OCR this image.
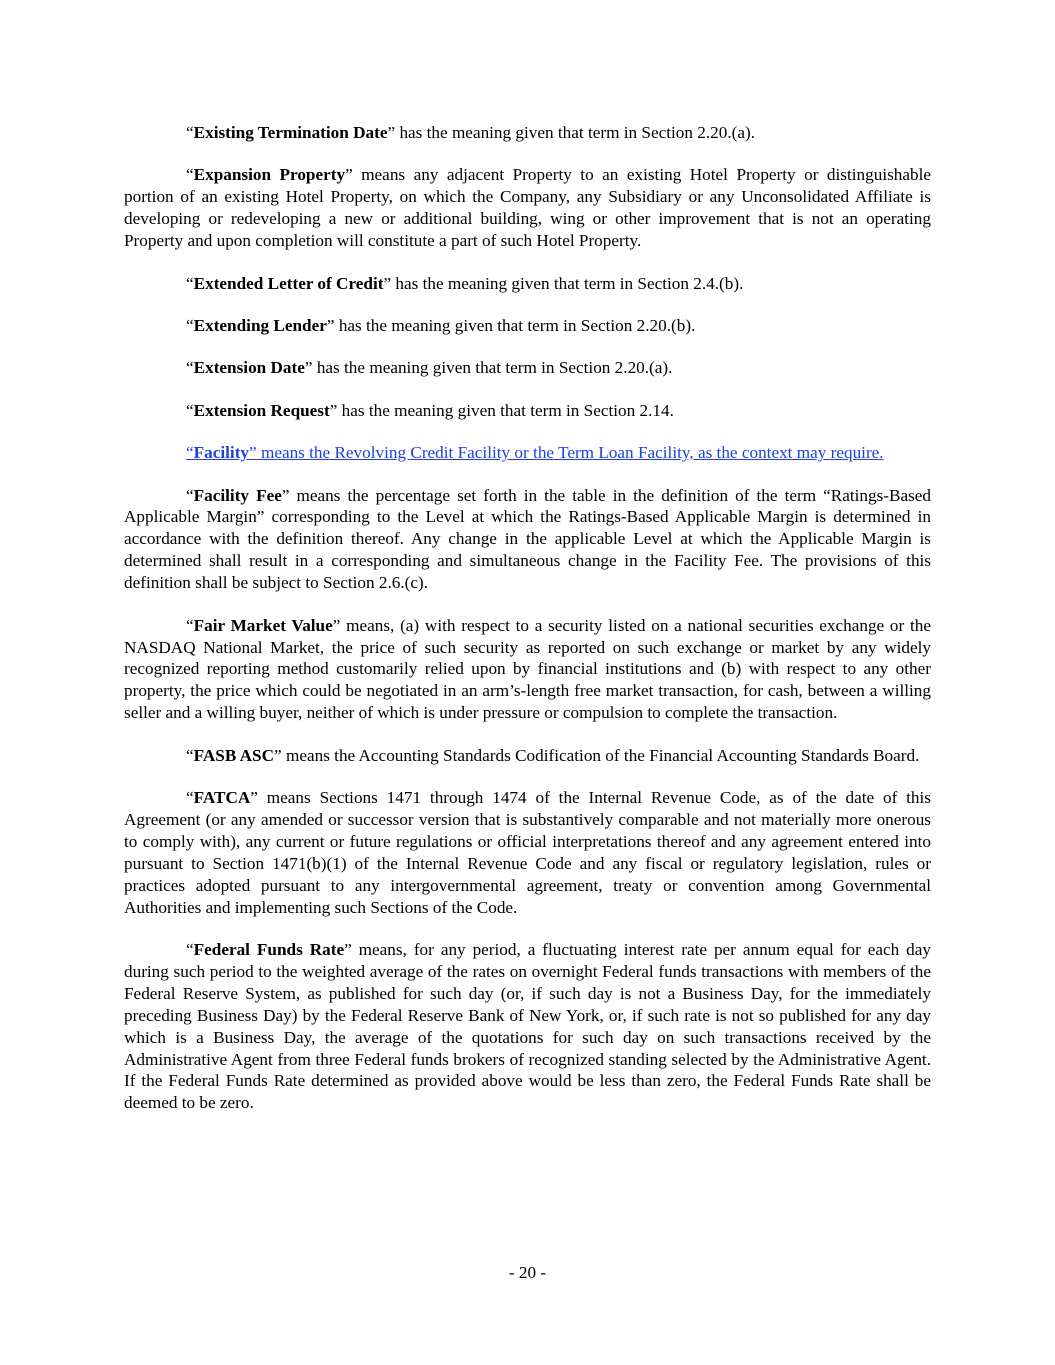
“Existing Termination Date” has the meaning given that term in Section 2.20.(a).

“Expansion Property” means any adjacent Property to an existing Hotel Property or distinguishable portion of an existing Hotel Property, on which the Company, any Subsidiary or any Unconsolidated Affiliate is developing or redeveloping a new or additional building, wing or other improvement that is not an operating Property and upon completion will constitute a part of such Hotel Property.

“Extended Letter of Credit” has the meaning given that term in Section 2.4.(b).

“Extending Lender” has the meaning given that term in Section 2.20.(b).

“Extension Date” has the meaning given that term in Section 2.20.(a).

“Extension Request” has the meaning given that term in Section 2.14.

“Facility” means the Revolving Credit Facility or the Term Loan Facility, as the context may require.

“Facility Fee” means the percentage set forth in the table in the definition of the term “Ratings-Based Applicable Margin” corresponding to the Level at which the Ratings-Based Applicable Margin is determined in accordance with the definition thereof. Any change in the applicable Level at which the Applicable Margin is determined shall result in a corresponding and simultaneous change in the Facility Fee. The provisions of this definition shall be subject to Section 2.6.(c).

“Fair Market Value” means, (a) with respect to a security listed on a national securities exchange or the NASDAQ National Market, the price of such security as reported on such exchange or market by any widely recognized reporting method customarily relied upon by financial institutions and (b) with respect to any other property, the price which could be negotiated in an arm’s-length free market transaction, for cash, between a willing seller and a willing buyer, neither of which is under pressure or compulsion to complete the transaction.

“FASB ASC” means the Accounting Standards Codification of the Financial Accounting Standards Board.

“FATCA” means Sections 1471 through 1474 of the Internal Revenue Code, as of the date of this Agreement (or any amended or successor version that is substantively comparable and not materially more onerous to comply with), any current or future regulations or official interpretations thereof and any agreement entered into pursuant to Section 1471(b)(1) of the Internal Revenue Code and any fiscal or regulatory legislation, rules or practices adopted pursuant to any intergovernmental agreement, treaty or convention among Governmental Authorities and implementing such Sections of the Code.

“Federal Funds Rate” means, for any period, a fluctuating interest rate per annum equal for each day during such period to the weighted average of the rates on overnight Federal funds transactions with members of the Federal Reserve System, as published for such day (or, if such day is not a Business Day, for the immediately preceding Business Day) by the Federal Reserve Bank of New York, or, if such rate is not so published for any day which is a Business Day, the average of the quotations for such day on such transactions received by the Administrative Agent from three Federal funds brokers of recognized standing selected by the Administrative Agent. If the Federal Funds Rate determined as provided above would be less than zero, the Federal Funds Rate shall be deemed to be zero.

- 20 -
